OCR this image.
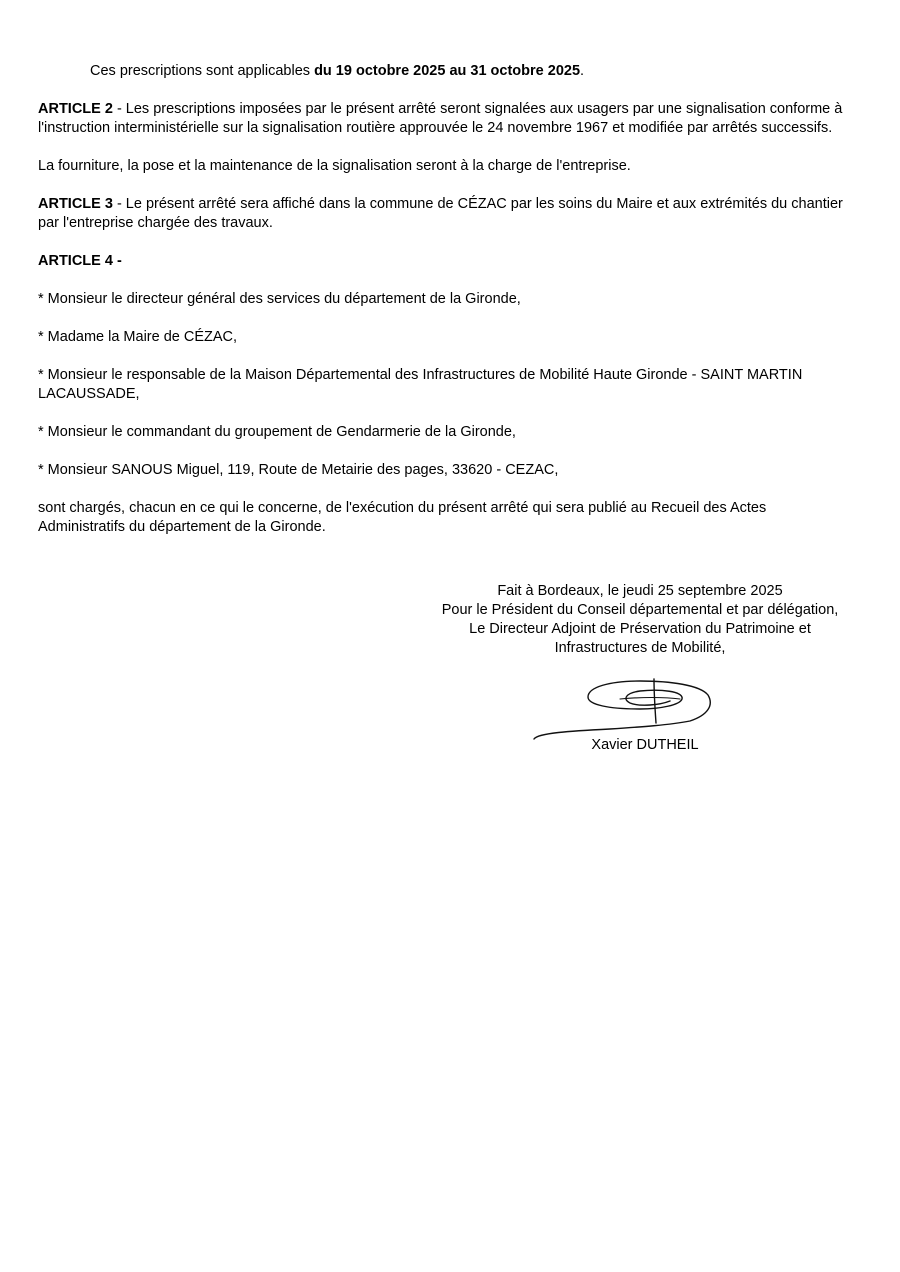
Ces prescriptions sont applicables du 19 octobre 2025 au 31 octobre 2025.

ARTICLE 2 - Les prescriptions imposées par le présent arrêté seront signalées aux usagers par une signalisation conforme à l'instruction interministérielle sur la signalisation routière approuvée le 24 novembre 1967 et modifiée par arrêtés successifs.

La fourniture, la pose et la maintenance de la signalisation seront à la charge de l'entreprise.

ARTICLE 3 - Le présent arrêté sera affiché dans la commune de CÉZAC par les soins du Maire et aux extrémités du chantier par l'entreprise chargée des travaux.

ARTICLE 4 -

* Monsieur le directeur général des services du département de la Gironde,

* Madame la Maire de CÉZAC,

* Monsieur le responsable de la Maison Départemental des Infrastructures de Mobilité Haute Gironde - SAINT MARTIN LACAUSSADE,

* Monsieur le commandant du groupement de Gendarmerie de la Gironde,

* Monsieur SANOUS Miguel, 119, Route de Metairie des pages, 33620 - CEZAC,

sont chargés, chacun en ce qui le concerne, de l'exécution du présent arrêté qui sera publié au Recueil des Actes Administratifs du département de la Gironde.

Fait à Bordeaux, le jeudi 25 septembre 2025
Pour le Président du Conseil départemental et par délégation,
Le Directeur Adjoint de Préservation du Patrimoine et
Infrastructures de Mobilité,
Xavier DUTHEIL
